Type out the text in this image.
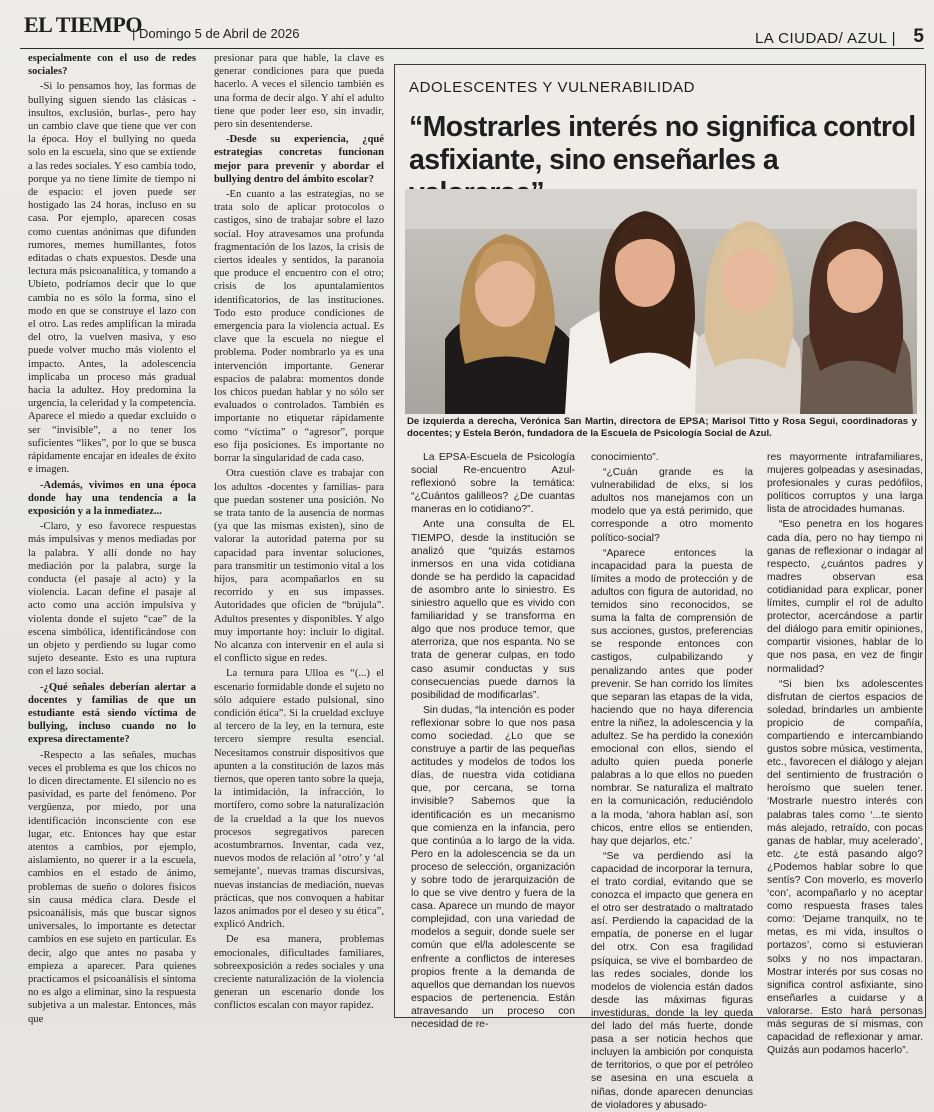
EL TIEMPO
| Domingo 5 de Abril de 2026	LA CIUDAD/ AZUL | 5

especialmente con el uso de redes sociales?

-Si lo pensamos hoy, las formas de bullying siguen siendo las clásicas -insultos, exclusión, burlas-, pero hay un cambio clave que tiene que ver con la época. Hoy el bullying no queda solo en la escuela, sino que se extiende a las redes sociales. Y eso cambia todo, porque ya no tiene límite de tiempo ni de espacio: el joven puede ser hostigado las 24 horas, incluso en su casa. Por ejemplo, aparecen cosas como cuentas anónimas que difunden rumores, memes humillantes, fotos editadas o chats expuestos. Desde una lectura más psicoanalítica, y tomando a Ubieto, podríamos decir que lo que cambia no es sólo la forma, sino el modo en que se construye el lazo con el otro. Las redes amplifican la mirada del otro, la vuelven masiva, y eso puede volver mucho más violento el impacto. Antes, la adolescencia implicaba un proceso más gradual hacia la adultez. Hoy predomina la urgencia, la celeridad y la competencia. Aparece el miedo a quedar excluido o ser “invisible”, a no tener los suficientes “likes”, por lo que se busca rápidamente encajar en ideales de éxito e imagen.

-Además, vivimos en una época donde hay una tendencia a la exposición y a la inmediatez...

-Claro, y eso favorece respuestas más impulsivas y menos mediadas por la palabra. Y allí donde no hay mediación por la palabra, surge la conducta (el pasaje al acto) y la violencia. Lacan define el pasaje al acto como una acción impulsiva y violenta donde el sujeto “cae” de la escena simbólica, identificándose con un objeto y perdiendo su lugar como sujeto deseante. Esto es una ruptura con el lazo social.

-¿Qué señales deberían alertar a docentes y familias de que un estudiante está siendo víctima de bullying, incluso cuando no lo expresa directamente?

-Respecto a las señales, muchas veces el problema es que los chicos no lo dicen directamente. El silencio no es pasividad, es parte del fenómeno. Por vergüenza, por miedo, por una identificación inconsciente con ese lugar, etc. Entonces hay que estar atentos a cambios, por ejemplo, aislamiento, no querer ir a la escuela, cambios en el estado de ánimo, problemas de sueño o dolores físicos sin causa médica clara. Desde el psicoanálisis, más que buscar signos universales, lo importante es detectar cambios en ese sujeto en particular. Es decir, algo que antes no pasaba y empieza a aparecer. Para quienes practicamos el psicoanálisis el síntoma no es algo a eliminar, sino la respuesta subjetiva a un malestar. Entonces, más que

presionar para que hable, la clave es generar condiciones para que pueda hacerlo. A veces el silencio también es una forma de decir algo. Y ahí el adulto tiene que poder leer eso, sin invadir, pero sin desentenderse.

-Desde su experiencia, ¿qué estrategias concretas funcionan mejor para prevenir y abordar el bullying dentro del ámbito escolar?

-En cuanto a las estrategias, no se trata solo de aplicar protocolos o castigos, sino de trabajar sobre el lazo social. Hoy atravesamos una profunda fragmentación de los lazos, la crisis de ciertos ideales y sentidos, la paranoia que produce el encuentro con el otro; crisis de los apuntalamientos identificatorios, de las instituciones. Todo esto produce condiciones de emergencia para la violencia actual. Es clave que la escuela no niegue el problema. Poder nombrarlo ya es una intervención importante. Generar espacios de palabra: momentos donde los chicos puedan hablar y no sólo ser evaluados o controlados. También es importante no etiquetar rápidamente como “víctima” o “agresor”, porque eso fija posiciones. Es importante no borrar la singularidad de cada caso.

Otra cuestión clave es trabajar con los adultos -docentes y familias- para que puedan sostener una posición. No se trata tanto de la ausencia de normas (ya que las mismas existen), sino de valorar la autoridad paterna por su capacidad para inventar soluciones, para transmitir un testimonio vital a los hijos, para acompañarlos en su recorrido y en sus impasses. Autoridades que oficien de “brújula”. Adultos presentes y disponibles. Y algo muy importante hoy: incluir lo digital. No alcanza con intervenir en el aula si el conflicto sigue en redes.

La ternura para Ulloa es “(...) el escenario formidable donde el sujeto no sólo adquiere estado pulsional, sino condición ética”. Si la crueldad excluye al tercero de la ley, en la ternura, este tercero siempre resulta esencial. Necesitamos construir dispositivos que apunten a la constitución de lazos más tiernos, que operen tanto sobre la queja, la intimidación, la infracción, lo mortífero, como sobre la naturalización de la crueldad a la que los nuevos procesos segregativos parecen acostumbrarnos. Inventar, cada vez, nuevos modos de relación al ‘otro’ y ‘al semejante’, nuevas tramas discursivas, nuevas instancias de mediación, nuevas prácticas, que nos convoquen a habitar lazos animados por el deseo y su ética”, explicó Andrich.

De esa manera, problemas emocionales, dificultades familiares, sobreexposición a redes sociales y una creciente naturalización de la violencia generan un escenario donde los conflictos escalan con mayor rapidez.

ADOLESCENTES Y VULNERABILIDAD
“Mostrarles interés no significa control asfixiante, sino enseñarles a
De izquierda a derecha, Verónica San Martin, directora de EPSA; Marisol Titto y Rosa Segui, coordinadoras y docentes; y Estela Berón, fundadora de la Escuela de Psicología Social de Azul.

La EPSA-Escuela de Psicología social Re-encuentro Azul- reflexionó sobre la temática: “¿Cuántos galilleos? ¿De cuantas maneras en lo cotidiano?”.

Ante una consulta de EL TIEMPO, desde la institución se analizó que “quizás estamos inmersos en una vida cotidiana donde se ha perdido la capacidad de asombro ante lo siniestro. Es siniestro aquello que es vivido con familiaridad y se transforma en algo que nos produce temor, que aterroriza, que nos espanta. No se trata de generar culpas, en todo caso asumir conductas y sus consecuencias puede darnos la posibilidad de modificarlas”.

Sin dudas, “la intención es poder reflexionar sobre lo que nos pasa como sociedad. ¿Lo que se construye a partir de las pequeñas actitudes y modelos de todos los días, de nuestra vida cotidiana que, por cercana, se torna invisible? Sabemos que la identificación es un mecanismo que comienza en la infancia, pero que continúa a lo largo de la vida. Pero en la adolescencia se da un proceso de selección, organización y sobre todo de jerarquización de lo que se vive dentro y fuera de la casa. Aparece un mundo de mayor complejidad, con una variedad de modelos a seguir, donde suele ser común que el/la adolescente se enfrente a conflictos de intereses propios frente a la demanda de aquellos que demandan los nuevos espacios de pertenencia. Están atravesando un proceso con necesidad de re-

conocimiento”.

“¿Cuán grande es la vulnerabilidad de elxs, si los adultos nos manejamos con un modelo que ya está perimido, que corresponde a otro momento político-social?

“Aparece entonces la incapacidad para la puesta de límites a modo de protección y de adultos con figura de autoridad, no temidos sino reconocidos, se suma la falta de comprensión de sus acciones, gustos, preferencias se responde entonces con castigos, culpabilizando y penalizando antes que poder prevenir. Se han corrido los límites que separan las etapas de la vida, haciendo que no haya diferencia entre la niñez, la adolescencia y la adultez. Se ha perdido la conexión emocional con ellos, siendo el adulto quien pueda ponerle palabras a lo que ellos no pueden nombrar. Se naturaliza el maltrato en la comunicación, reduciéndolo a la moda, ‘ahora hablan así, son chicos, entre ellos se entienden, hay que dejarlos, etc.’

“Se va perdiendo así la capacidad de incorporar la ternura, el trato cordial, evitando que se conozca el impacto que genera en el otro ser destratado o maltratado así. Perdiendo la capacidad de la empatía, de ponerse en el lugar del otrx. Con esa fragilidad psíquica, se vive el bombardeo de las redes sociales, donde los modelos de violencia están dados desde las máximas figuras investiduras, donde la ley queda del lado del más fuerte, donde pasa a ser noticia hechos que incluyen la ambición por conquista de territorios, o que por el petróleo se asesina en una escuela a niñas, donde aparecen denuncias de violadores y abusado-

res mayormente intrafamiliares, mujeres golpeadas y asesinadas, profesionales y curas pedófilos, políticos corruptos y una larga lista de atrocidades humanas.

“Eso penetra en los hogares cada día, pero no hay tiempo ni ganas de reflexionar o indagar al respecto, ¿cuántos padres y madres observan esa cotidianidad para explicar, poner límites, cumplir el rol de adulto protector, acercándose a partir del diálogo para emitir opiniones, compartir visiones, hablar de lo que nos pasa, en vez de fingir normalidad?

“Si bien lxs adolescentes disfrutan de ciertos espacios de soledad, brindarles un ambiente propicio de compañía, compartiendo e intercambiando gustos sobre música, vestimenta, etc., favorecen el diálogo y alejan del sentimiento de frustración o heroísmo que suelen tener. ‘Mostrarle nuestro interés con palabras tales como ‘...te siento más alejado, retraído, con pocas ganas de hablar, muy acelerado’, etc. ¿te está pasando algo? ¿Podemos hablar sobre lo que sentís? Con moverlo, es moverlo ‘con’, acompañarlo y no aceptar como respuesta frases tales como: ‘Dejame tranquilx, no te metas, es mi vida, insultos o portazos’, como si estuvieran solxs y no nos impactaran. Mostrar interés por sus cosas no significa control asfixiante, sino enseñarles a cuidarse y a valorarse. Esto hará personas más seguras de sí mismas, con capacidad de reflexionar y amar. Quizás aun podamos hacerlo”.
